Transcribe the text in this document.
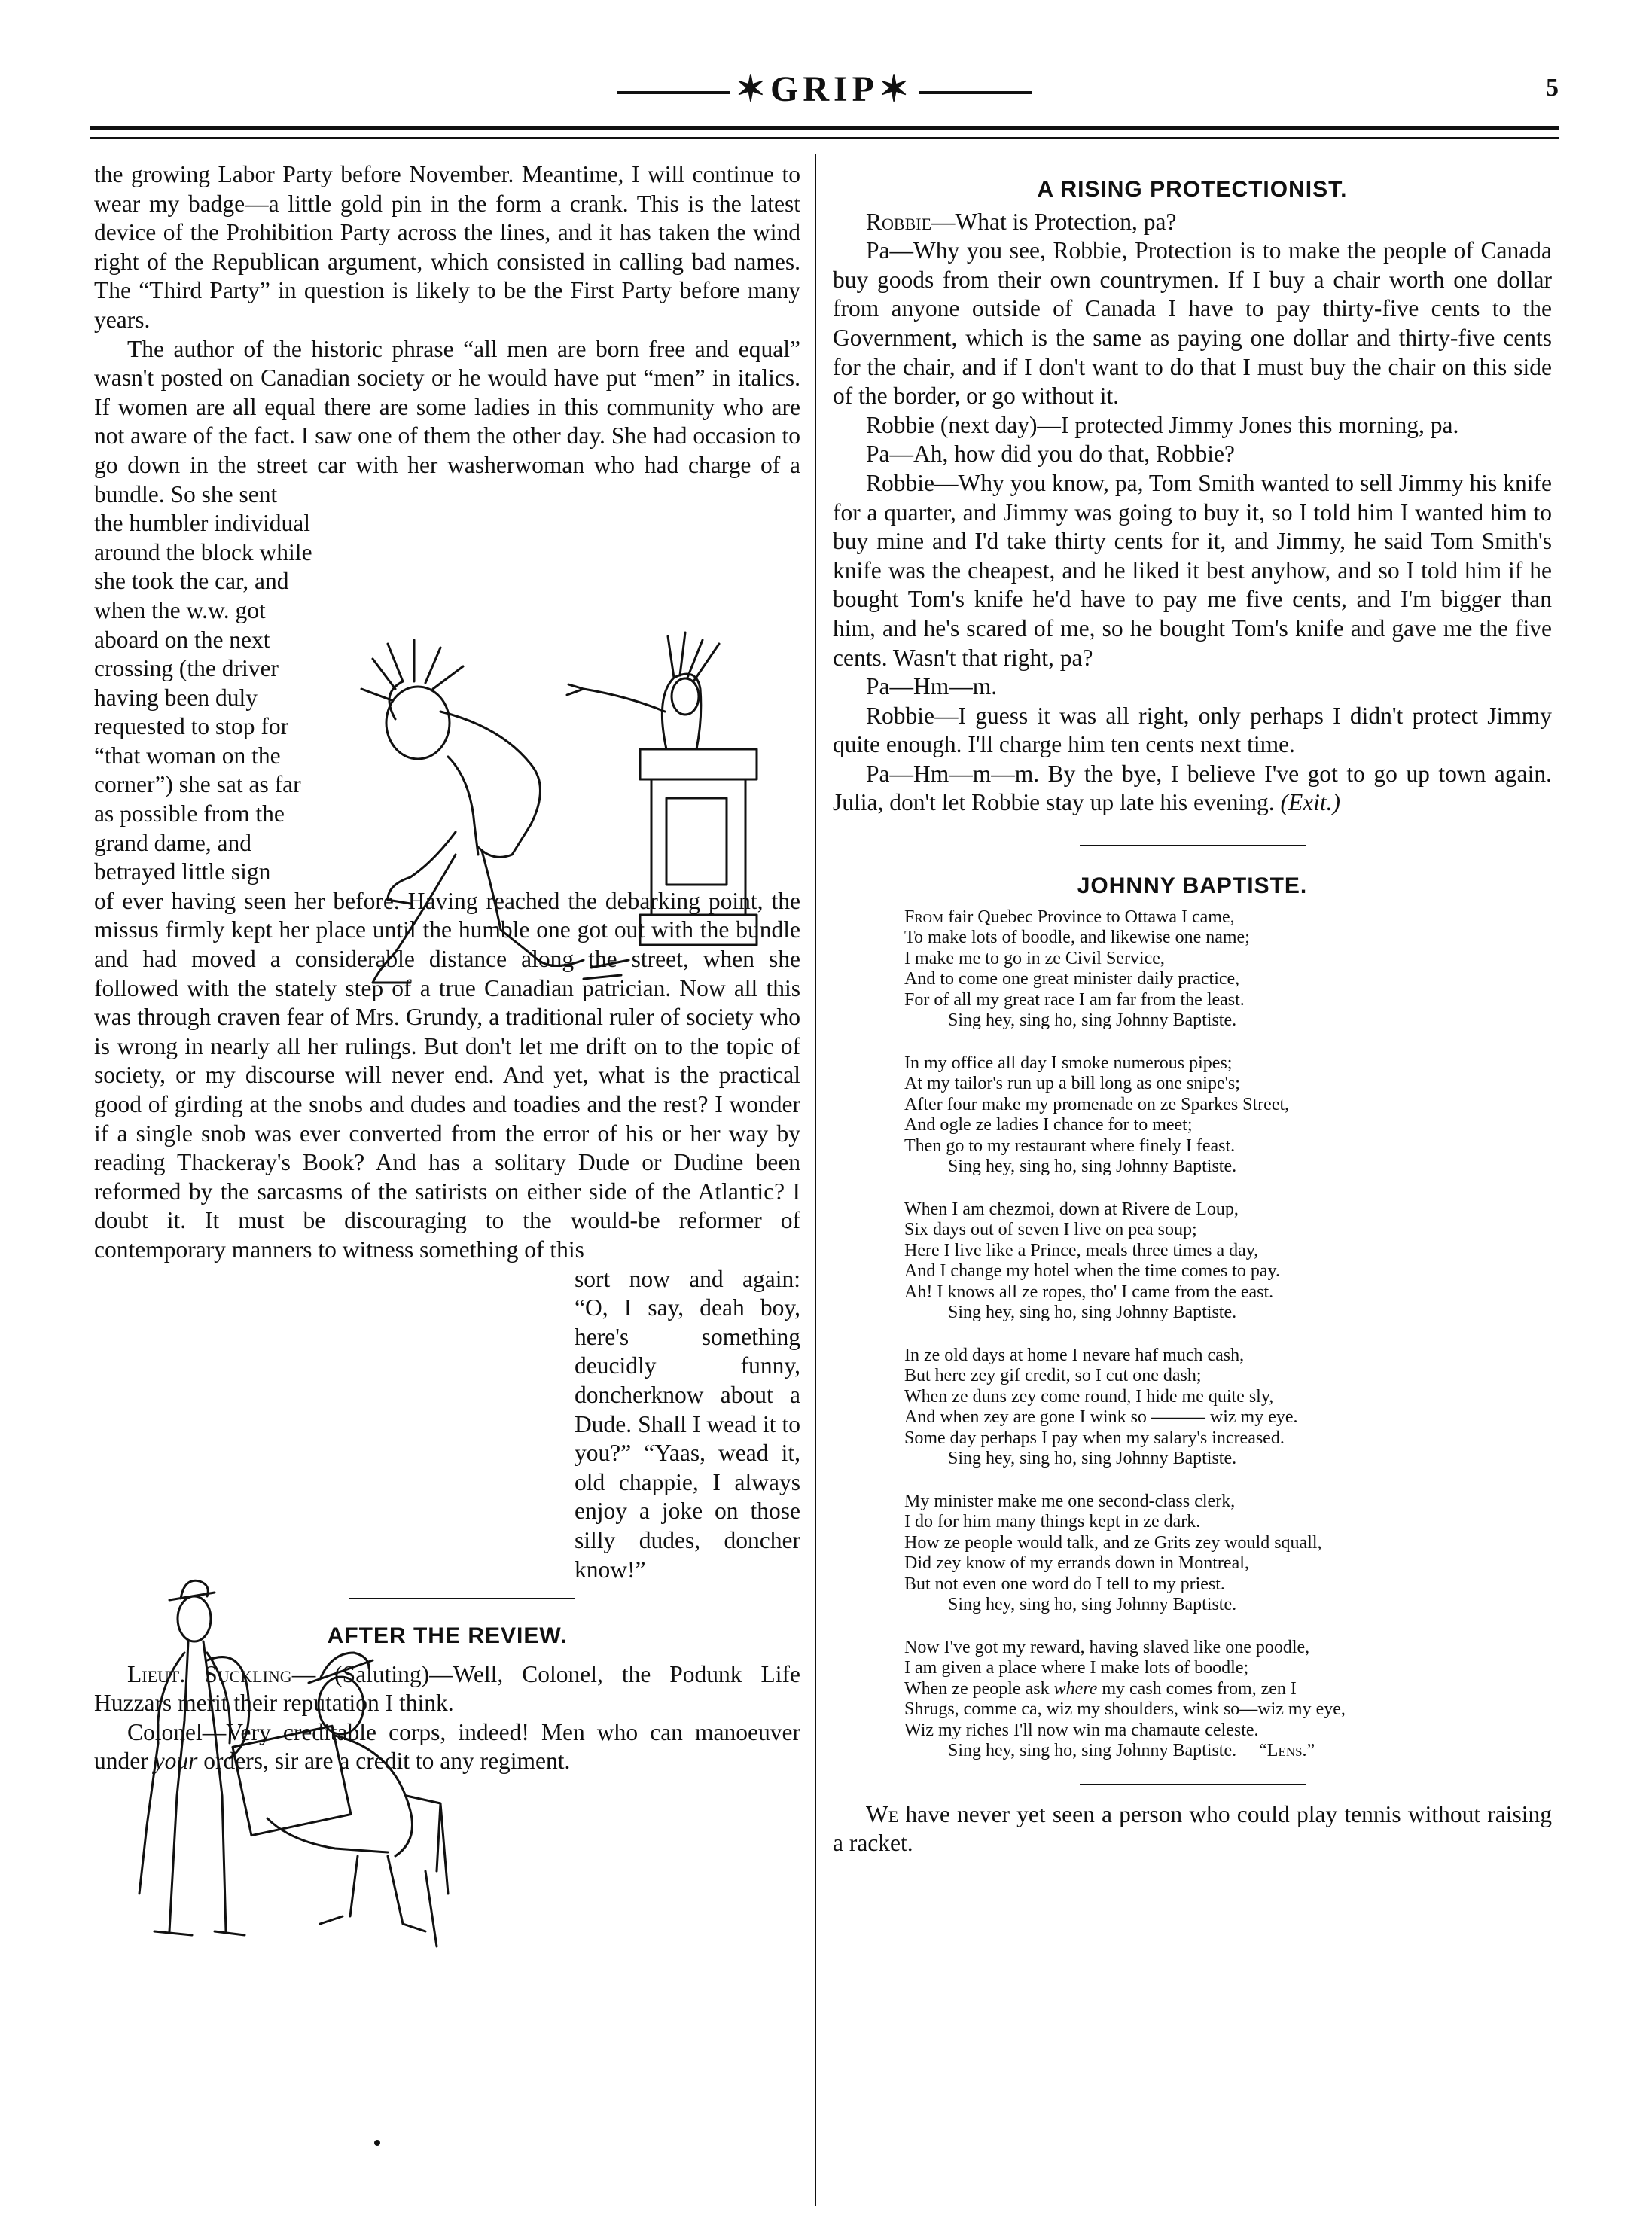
✶GRIP✶	5

the growing Labor Party before November. Meantime, I will continue to wear my badge—a little gold pin in the form a crank. This is the latest device of the Prohibition Party across the lines, and it has taken the wind right of the Republican argument, which consisted in calling bad names. The “Third Party” in question is likely to be the First Party before many years.

The author of the historic phrase “all men are born free and equal” wasn't posted on Canadian society or he would have put “men” in italics. If women are all equal there are some ladies in this community who are not aware of the fact. I saw one of them the other day. She had occasion to go down in the street car with her washerwoman who had charge of a bundle. So she sent

the humbler individual around the block while she took the car, and when the w.w. got aboard on the next crossing (the driver having been duly requested to stop for “that woman on the corner”) she sat as far as possible from the grand dame, and betrayed little sign

of ever having seen her before. Having reached the debarking point, the missus firmly kept her place until the humble one got out with the bundle and had moved a considerable distance along the street, when she followed with the stately step of a true Canadian patrician. Now all this was through craven fear of Mrs. Grundy, a traditional ruler of society who is wrong in nearly all her rulings. But don't let me drift on to the topic of society, or my discourse will never end. And yet, what is the practical good of girding at the snobs and dudes and toadies and the rest? I wonder if a single snob was ever converted from the error of his or her way by reading Thackeray's Book? And has a solitary Dude or Dudine been reformed by the sarcasms of the satirists on either side of the Atlantic? I doubt it. It must be discouraging to the would-be reformer of contemporary manners to witness something of this

sort now and again: “O, I say, deah boy, here's something deucidly funny, doncherknow about a Dude. Shall I wead it to you?” “Yaas, wead it, old chappie, I always enjoy a joke on those silly dudes, doncher know!”

AFTER THE REVIEW.

Lieut. Suckling— (Saluting)—Well, Colonel, the Podunk Life Huzzars merit their reputation I think.

Colonel—Very creditable corps, indeed! Men who can manoeuver under your orders, sir are a credit to any regiment.

A RISING PROTECTIONIST.

Robbie—What is Protection, pa?

Pa—Why you see, Robbie, Protection is to make the people of Canada buy goods from their own countrymen. If I buy a chair worth one dollar from anyone outside of Canada I have to pay thirty-five cents to the Government, which is the same as paying one dollar and thirty-five cents for the chair, and if I don't want to do that I must buy the chair on this side of the border, or go without it.

Robbie (next day)—I protected Jimmy Jones this morning, pa.

Pa—Ah, how did you do that, Robbie?

Robbie—Why you know, pa, Tom Smith wanted to sell Jimmy his knife for a quarter, and Jimmy was going to buy it, so I told him I wanted him to buy mine and I'd take thirty cents for it, and Jimmy, he said Tom Smith's knife was the cheapest, and he liked it best anyhow, and so I told him if he bought Tom's knife he'd have to pay me five cents, and I'm bigger than him, and he's scared of me, so he bought Tom's knife and gave me the five cents. Wasn't that right, pa?

Pa—Hm—m.

Robbie—I guess it was all right, only perhaps I didn't protect Jimmy quite enough. I'll charge him ten cents next time.

Pa—Hm—m—m. By the bye, I believe I've got to go up town again. Julia, don't let Robbie stay up late his evening. (Exit.)

JOHNNY BAPTISTE.

From fair Quebec Province to Ottawa I came,
To make lots of boodle, and likewise one name;
I make me to go in ze Civil Service,
And to come one great minister daily practice,
For of all my great race I am far from the least.
Sing hey, sing ho, sing Johnny Baptiste.
In my office all day I smoke numerous pipes;
At my tailor's run up a bill long as one snipe's;
After four make my promenade on ze Sparkes Street,
And ogle ze ladies I chance for to meet;
Then go to my restaurant where finely I feast.
Sing hey, sing ho, sing Johnny Baptiste.
When I am chezmoi, down at Rivere de Loup,
Six days out of seven I live on pea soup;
Here I live like a Prince, meals three times a day,
And I change my hotel when the time comes to pay.
Ah! I knows all ze ropes, tho' I came from the east.
Sing hey, sing ho, sing Johnny Baptiste.
In ze old days at home I nevare haf much cash,
But here zey gif credit, so I cut one dash;
When ze duns zey come round, I hide me quite sly,
And when zey are gone I wink so ——— wiz my eye.
Some day perhaps I pay when my salary's increased.
Sing hey, sing ho, sing Johnny Baptiste.
My minister make me one second-class clerk,
I do for him many things kept in ze dark.
How ze people would talk, and ze Grits zey would squall,
Did zey know of my errands down in Montreal,
But not even one word do I tell to my priest.
Sing hey, sing ho, sing Johnny Baptiste.
Now I've got my reward, having slaved like one poodle,
I am given a place where I make lots of boodle;
When ze people ask where my cash comes from, zen I
Shrugs, comme ca, wiz my shoulders, wink so—wiz my eye,
Wiz my riches I'll now win ma chamaute celeste.
Sing hey, sing ho, sing Johnny Baptiste. “Lens.”

We have never yet seen a person who could play tennis without raising a racket.
